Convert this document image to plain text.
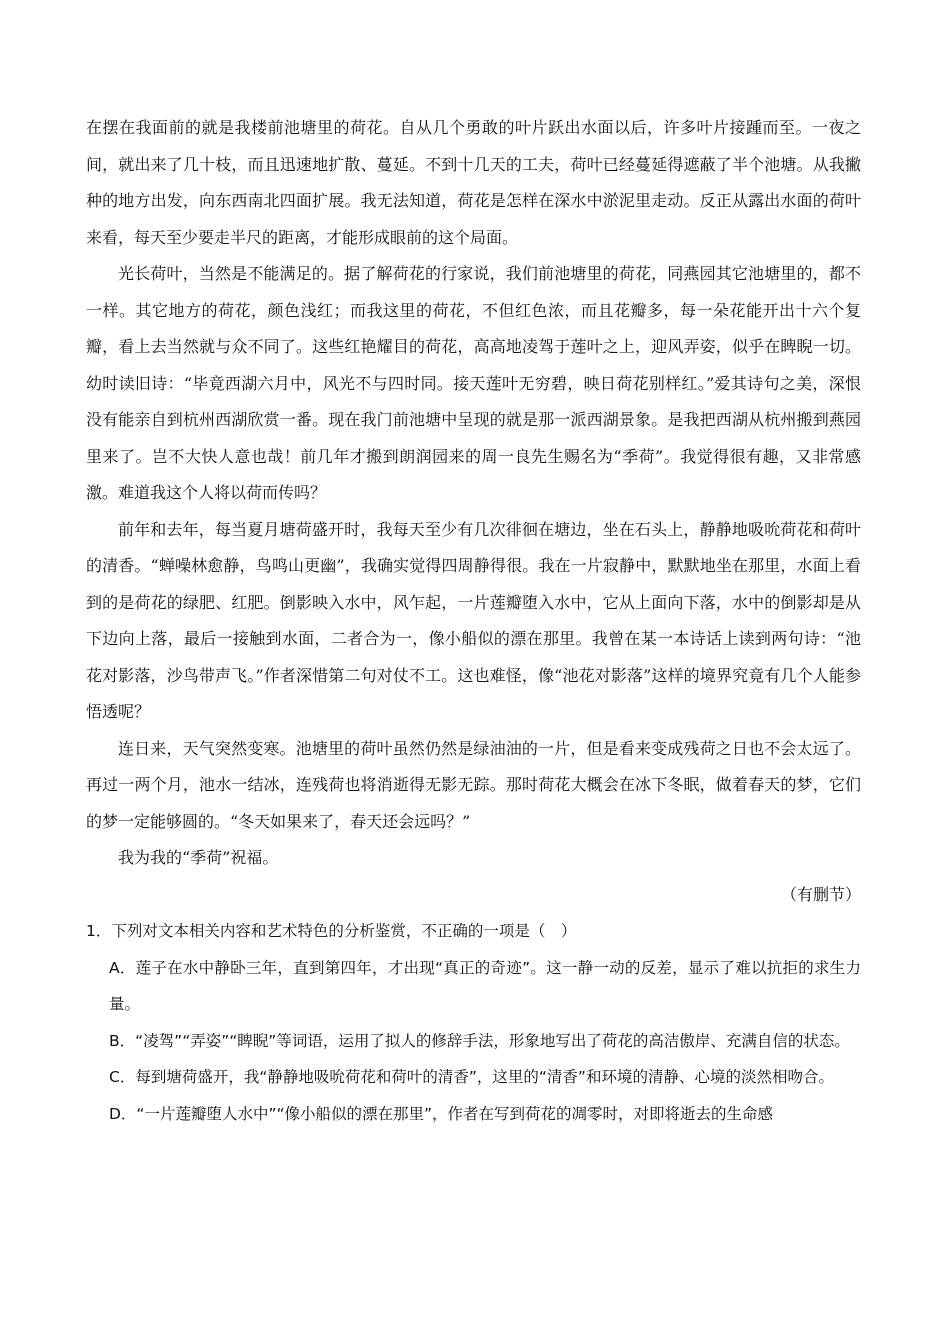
在摆在我面前的就是我楼前池塘里的荷花。自从几个勇敢的叶片跃出水面以后，许多叶片接踵而至。一夜之间，就出来了几十枝，而且迅速地扩散、蔓延。不到十几天的工夫，荷叶已经蔓延得遮蔽了半个池塘。从我撇种的地方出发，向东西南北四面扩展。我无法知道，荷花是怎样在深水中淤泥里走动。反正从露出水面的荷叶来看，每天至少要走半尺的距离，才能形成眼前的这个局面。

光长荷叶，当然是不能满足的。据了解荷花的行家说，我们前池塘里的荷花，同燕园其它池塘里的，都不一样。其它地方的荷花，颜色浅红；而我这里的荷花，不但红色浓，而且花瓣多，每一朵花能开出十六个复瓣，看上去当然就与众不同了。这些红艳耀目的荷花，高高地凌驾于莲叶之上，迎风弄姿，似乎在睥睨一切。幼时读旧诗：“毕竟西湖六月中，风光不与四时同。接天莲叶无穷碧，映日荷花别样红。”爱其诗句之美，深恨没有能亲自到杭州西湖欣赏一番。现在我门前池塘中呈现的就是那一派西湖景象。是我把西湖从杭州搬到燕园里来了。岂不大快人意也哉！前几年才搬到朗润园来的周一良先生赐名为“季荷”。我觉得很有趣，又非常感激。难道我这个人将以荷而传吗？

前年和去年，每当夏月塘荷盛开时，我每天至少有几次徘徊在塘边，坐在石头上，静静地吸吮荷花和荷叶的清香。“蝉噪林愈静，鸟鸣山更幽”，我确实觉得四周静得很。我在一片寂静中，默默地坐在那里，水面上看到的是荷花的绿肥、红肥。倒影映入水中，风乍起，一片莲瓣堕入水中，它从上面向下落，水中的倒影却是从下边向上落，最后一接触到水面，二者合为一，像小船似的漂在那里。我曾在某一本诗话上读到两句诗：“池花对影落，沙鸟带声飞。”作者深惜第二句对仗不工。这也难怪，像“池花对影落”这样的境界究竟有几个人能参悟透呢？

连日来，天气突然变寒。池塘里的荷叶虽然仍然是绿油油的一片，但是看来变成残荷之日也不会太远了。再过一两个月，池水一结冰，连残荷也将消逝得无影无踪。那时荷花大概会在冰下冬眠，做着春天的梦，它们的梦一定能够圆的。“冬天如果来了，春天还会远吗？”

我为我的“季荷”祝福。

（有删节）

1．下列对文本相关内容和艺术特色的分析鉴赏，不正确的一项是（　）

A．莲子在水中静卧三年，直到第四年，才出现“真正的奇迹”。这一静一动的反差，显示了难以抗拒的求生力量。

B．“凌驾”“弄姿”“睥睨”等词语，运用了拟人的修辞手法，形象地写出了荷花的高洁傲岸、充满自信的状态。

C．每到塘荷盛开，我“静静地吸吮荷花和荷叶的清香”，这里的“清香”和环境的清静、心境的淡然相吻合。

D．“一片莲瓣堕人水中”“像小船似的漂在那里”，作者在写到荷花的凋零时，对即将逝去的生命感
